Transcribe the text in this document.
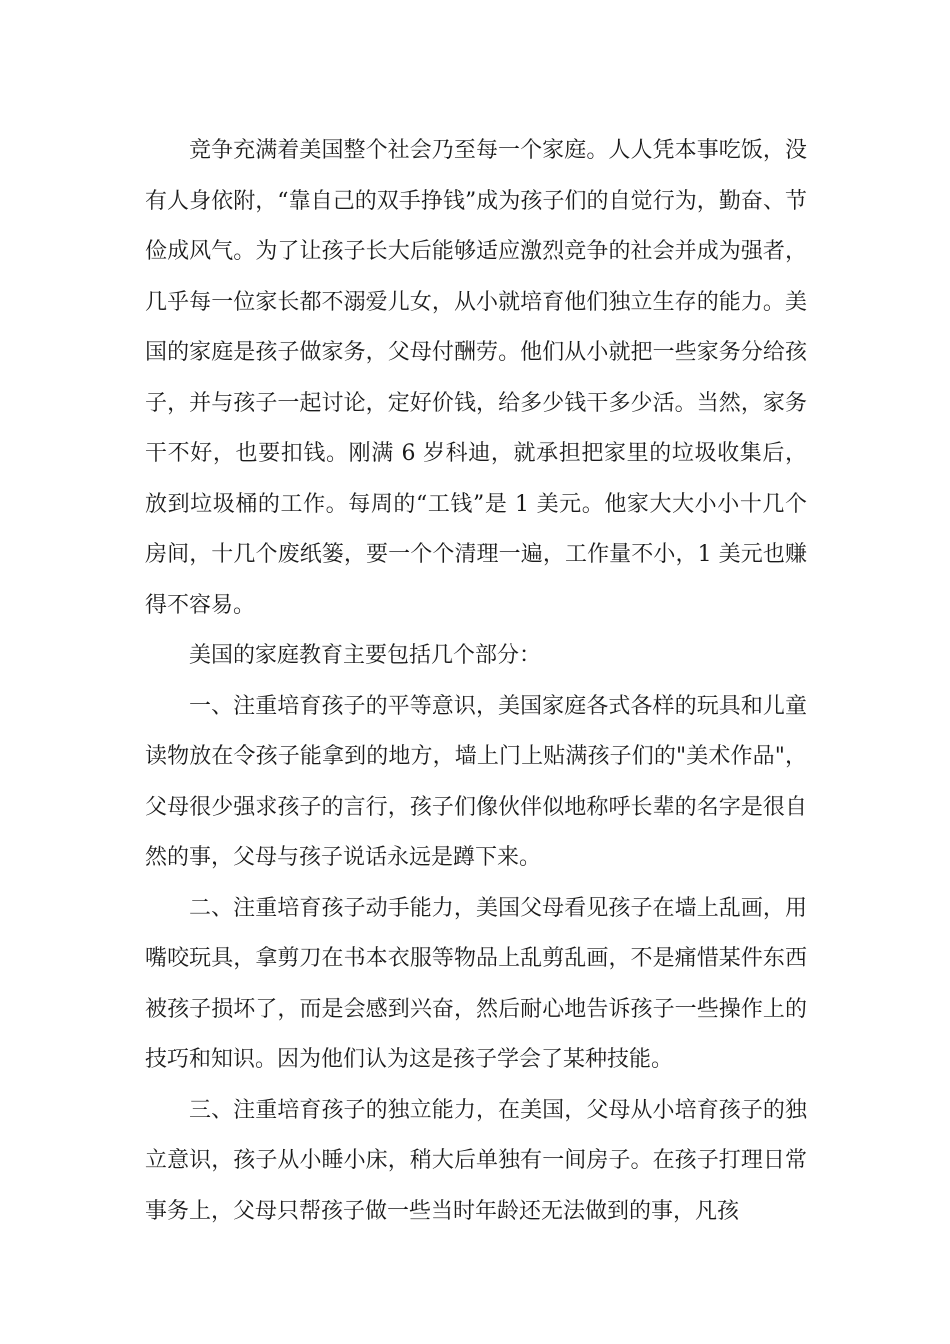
竞争充满着美国整个社会乃至每一个家庭。人人凭本事吃饭，没有人身依附，“靠自己的双手挣钱”成为孩子们的自觉行为，勤奋、节俭成风气。为了让孩子长大后能够适应激烈竞争的社会并成为强者，几乎每一位家长都不溺爱儿女，从小就培育他们独立生存的能力。美国的家庭是孩子做家务，父母付酬劳。他们从小就把一些家务分给孩子，并与孩子一起讨论，定好价钱，给多少钱干多少活。当然，家务干不好，也要扣钱。刚满 6 岁科迪，就承担把家里的垃圾收集后，放到垃圾桶的工作。每周的“工钱”是 1 美元。他家大大小小十几个房间，十几个废纸篓，要一个个清理一遍，工作量不小，1 美元也赚得不容易。

美国的家庭教育主要包括几个部分：

一、注重培育孩子的平等意识，美国家庭各式各样的玩具和儿童读物放在令孩子能拿到的地方，墙上门上贴满孩子们的"美术作品"，父母很少强求孩子的言行，孩子们像伙伴似地称呼长辈的名字是很自然的事，父母与孩子说话永远是蹲下来。

二、注重培育孩子动手能力，美国父母看见孩子在墙上乱画，用嘴咬玩具，拿剪刀在书本衣服等物品上乱剪乱画，不是痛惜某件东西被孩子损坏了，而是会感到兴奋，然后耐心地告诉孩子一些操作上的技巧和知识。因为他们认为这是孩子学会了某种技能。

三、注重培育孩子的独立能力，在美国，父母从小培育孩子的独立意识，孩子从小睡小床，稍大后单独有一间房子。在孩子打理日常事务上，父母只帮孩子做一些当时年龄还无法做到的事，凡孩
